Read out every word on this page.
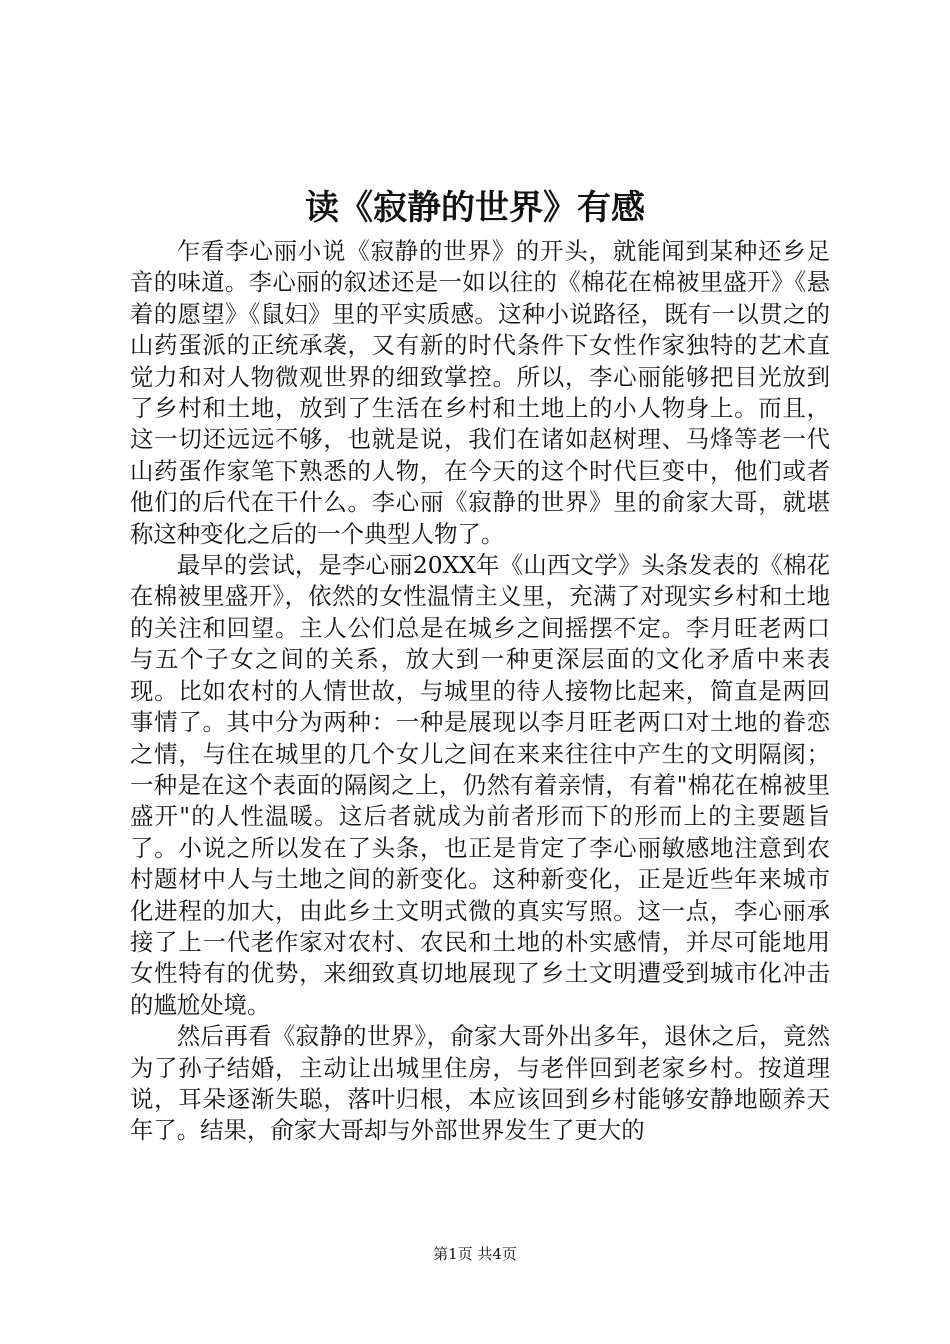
读《寂静的世界》有感

乍看李心丽小说《寂静的世界》的开头，就能闻到某种还乡足音的味道。李心丽的叙述还是一如以往的《棉花在棉被里盛开》《悬着的愿望》《鼠妇》里的平实质感。这种小说路径，既有一以贯之的山药蛋派的正统承袭，又有新的时代条件下女性作家独特的艺术直觉力和对人物微观世界的细致掌控。所以，李心丽能够把目光放到了乡村和土地，放到了生活在乡村和土地上的小人物身上。而且，这一切还远远不够，也就是说，我们在诸如赵树理、马烽等老一代山药蛋作家笔下熟悉的人物，在今天的这个时代巨变中，他们或者他们的后代在干什么。李心丽《寂静的世界》里的俞家大哥，就堪称这种变化之后的一个典型人物了。

最早的尝试，是李心丽20XX年《山西文学》头条发表的《棉花在棉被里盛开》，依然的女性温情主义里，充满了对现实乡村和土地的关注和回望。主人公们总是在城乡之间摇摆不定。李月旺老两口与五个子女之间的关系，放大到一种更深层面的文化矛盾中来表现。比如农村的人情世故，与城里的待人接物比起来，简直是两回事情了。其中分为两种：一种是展现以李月旺老两口对土地的眷恋之情，与住在城里的几个女儿之间在来来往往中产生的文明隔阂；一种是在这个表面的隔阂之上，仍然有着亲情，有着"棉花在棉被里盛开"的人性温暖。这后者就成为前者形而下的形而上的主要题旨了。小说之所以发在了头条，也正是肯定了李心丽敏感地注意到农村题材中人与土地之间的新变化。这种新变化，正是近些年来城市化进程的加大，由此乡土文明式微的真实写照。这一点，李心丽承接了上一代老作家对农村、农民和土地的朴实感情，并尽可能地用女性特有的优势，来细致真切地展现了乡土文明遭受到城市化冲击的尴尬处境。

然后再看《寂静的世界》，俞家大哥外出多年，退休之后，竟然为了孙子结婚，主动让出城里住房，与老伴回到老家乡村。按道理说，耳朵逐渐失聪，落叶归根，本应该回到乡村能够安静地颐养天年了。结果，俞家大哥却与外部世界发生了更大的

第1页 共4页
